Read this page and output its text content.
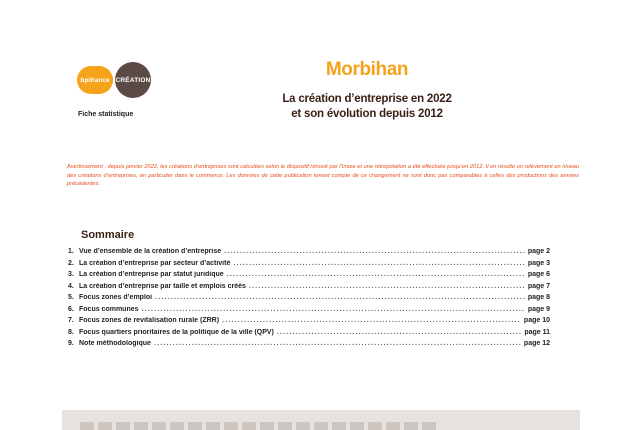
bpifrance CRÉATION
Fiche statistique
Morbihan
La création d’entreprise en 2022
et son évolution depuis 2012
Avertissement : depuis janvier 2022, les créations d’entreprises sont calculées selon le dispositif rénové par l’Insee et une rétropolation a été effectuée jusqu’en 2012. Il en résulte un relèvement en niveau des créations d’entreprises, en particulier dans le commerce. Les données de cette publication tenant compte de ce changement ne sont donc pas comparables à celles des productions des années précédentes.
Sommaire
1. Vue d’ensemble de la création d’entreprise .....	page 2
2. La création d’entreprise par secteur d’activité .....	page 3
3. La création d’entreprise par statut juridique .....	page 6
4. La création d’entreprise par taille et emplois créés .....	page 7
5. Focus zones d’emploi .....	page 8
6. Focus communes .....	page 9
7. Focus zones de revitalisation rurale (ZRR) .....	page 10
8. Focus quartiers prioritaires de la politique de la ville (QPV) .....	page 11
9. Note méthodologique .....	page 12
